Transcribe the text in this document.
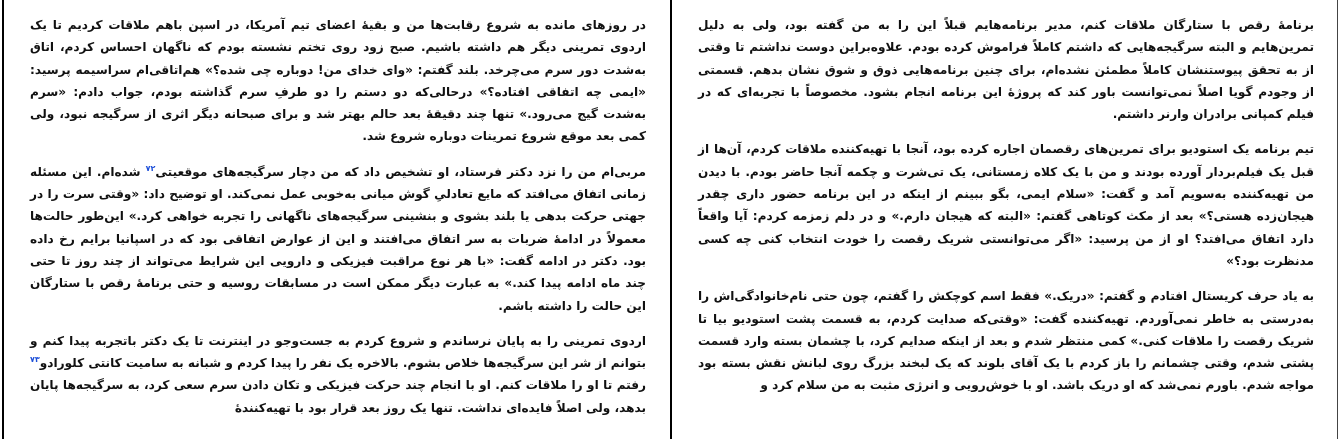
در روزهای مانده به شروع رقابت‌ها من و بقیهٔ اعضای تیم آمریکا، در اسپن باهم ملاقات کردیم تا یک اردوی تمرینی دیگر هم داشته باشیم. صبح زود روی تختم نشسته بودم که ناگهان احساس کردم، اتاق به‌شدت دور سرم می‌چرخد. بلند گفتم: «وای خدای من! دوباره چی شده؟» هم‌اتاقی‌ام سراسیمه پرسید: «ایمی چه اتفاقی افتاده؟» درحالی‌که دو دستم را دو طرفِ سرم گذاشته بودم، جواب دادم: «سرم به‌شدت گیج می‌رود.» تنها چند دقیقهٔ بعد حالم بهتر شد و برای صبحانه دیگر اثری از سرگیجه نبود، ولی کمی بعد موقع شروع تمرینات دوباره شروع شد.

مربی‌ام من را نزد دکتر فرستاد، او تشخیص داد که من دچار سرگیجه‌های موقعیتی$^{۷۲}$ شده‌ام. این مسئله زمانی اتفاق می‌افتد که مایع تعادلیِ گوش میانی به‌خوبی عمل نمی‌کند. او توضیح داد: «وقتی سرت را در جهتی حرکت بدهی یا بلند بشوی و بنشینی سرگیجه‌های ناگهانی را تجربه خواهی کرد.» این‌طور حالت‌ها معمولاً در ادامهٔ ضربات به سر اتفاق می‌افتند و این از عوارض اتفاقی بود که در اسپانیا برایم رخ داده بود. دکتر در ادامه گفت: «با هر نوع مراقبت فیزیکی و دارویی این شرایط می‌تواند از چند روز تا حتی چند ماه ادامه پیدا کند.» به عبارت دیگر ممکن است در مسابقات روسیه و حتی برنامهٔ رقص با ستارگان این حالت را داشته باشم.

اردوی تمرینی را به پایان نرساندم و شروع کردم به جست‌وجو در اینترنت تا یک دکتر باتجربه پیدا کنم و بتوانم از شر این سرگیجه‌ها خلاص بشوم. بالاخره یک نفر را پیدا کردم و شبانه به سامیت کانتی کلورادو$^{۷۳}$ رفتم تا او را ملاقات کنم. او با انجام چند حرکت فیزیکی و تکان دادن سرم سعی کرد، به سرگیجه‌ها پایان بدهد، ولی اصلاً فایده‌ای نداشت. تنها یک روز بعد قرار بود با تهیه‌کنندهٔ

برنامهٔ رقص با ستارگان ملاقات کنم، مدیر برنامه‌هایم قبلاً این را به من گفته بود، ولی به دلیل تمرین‌هایم و البته سرگیجه‌هایی که داشتم کاملاً فراموش کرده بودم. علاوه‌براین دوست نداشتم تا وقتی از به تحقق پیوستنشان کاملاً مطمئن نشده‌ام، برای چنین برنامه‌هایی ذوق و شوق نشان بدهم. قسمتی از وجودم گویا اصلاً نمی‌توانست باور کند که پروژهٔ این برنامه انجام بشود. مخصوصاً با تجربه‌ای که در فیلم کمپانی برادران وارنر داشتم.

تیم برنامه یک استودیو برای تمرین‌های رقصمان اجاره کرده بود، آنجا با تهیه‌کننده ملاقات کردم، آن‌ها از قبل یک فیلم‌بردار آورده بودند و من با یک کلاه زمستانی، یک تی‌شرت و چکمه آنجا حاضر بودم. با دیدن من تهیه‌کننده به‌سویم آمد و گفت: «سلام ایمی، بگو ببینم از اینکه در این برنامه حضور داری چقدر هیجان‌زده هستی؟» بعد از مکث کوتاهی گفتم: «البته که هیجان دارم.» و در دلم زمزمه کردم: آیا واقعاً دارد اتفاق می‌افتد؟ او از من پرسید: «اگر می‌توانستی شریک رقصت را خودت انتخاب کنی چه کسی مدنظرت بود؟»

به یاد حرف کریستال افتادم و گفتم: «دریک.» فقط اسم کوچکش را گفتم، چون حتی نام‌خانوادگی‌اش را به‌درستی به خاطر نمی‌آوردم. تهیه‌کننده گفت: «وقتی‌که صدایت کردم، به قسمت پشت استودیو بیا تا شریک رقصت را ملاقات کنی.» کمی منتظر شدم و بعد از اینکه صدایم کرد، با چشمان بسته وارد قسمت پشتی شدم، وقتی چشمانم را باز کردم با یک آقای بلوند که یک لبخند بزرگ روی لبانش نقش بسته بود مواجه شدم. باورم نمی‌شد که او دریک باشد. او با خوش‌رویی و انرژی مثبت به من سلام کرد و
